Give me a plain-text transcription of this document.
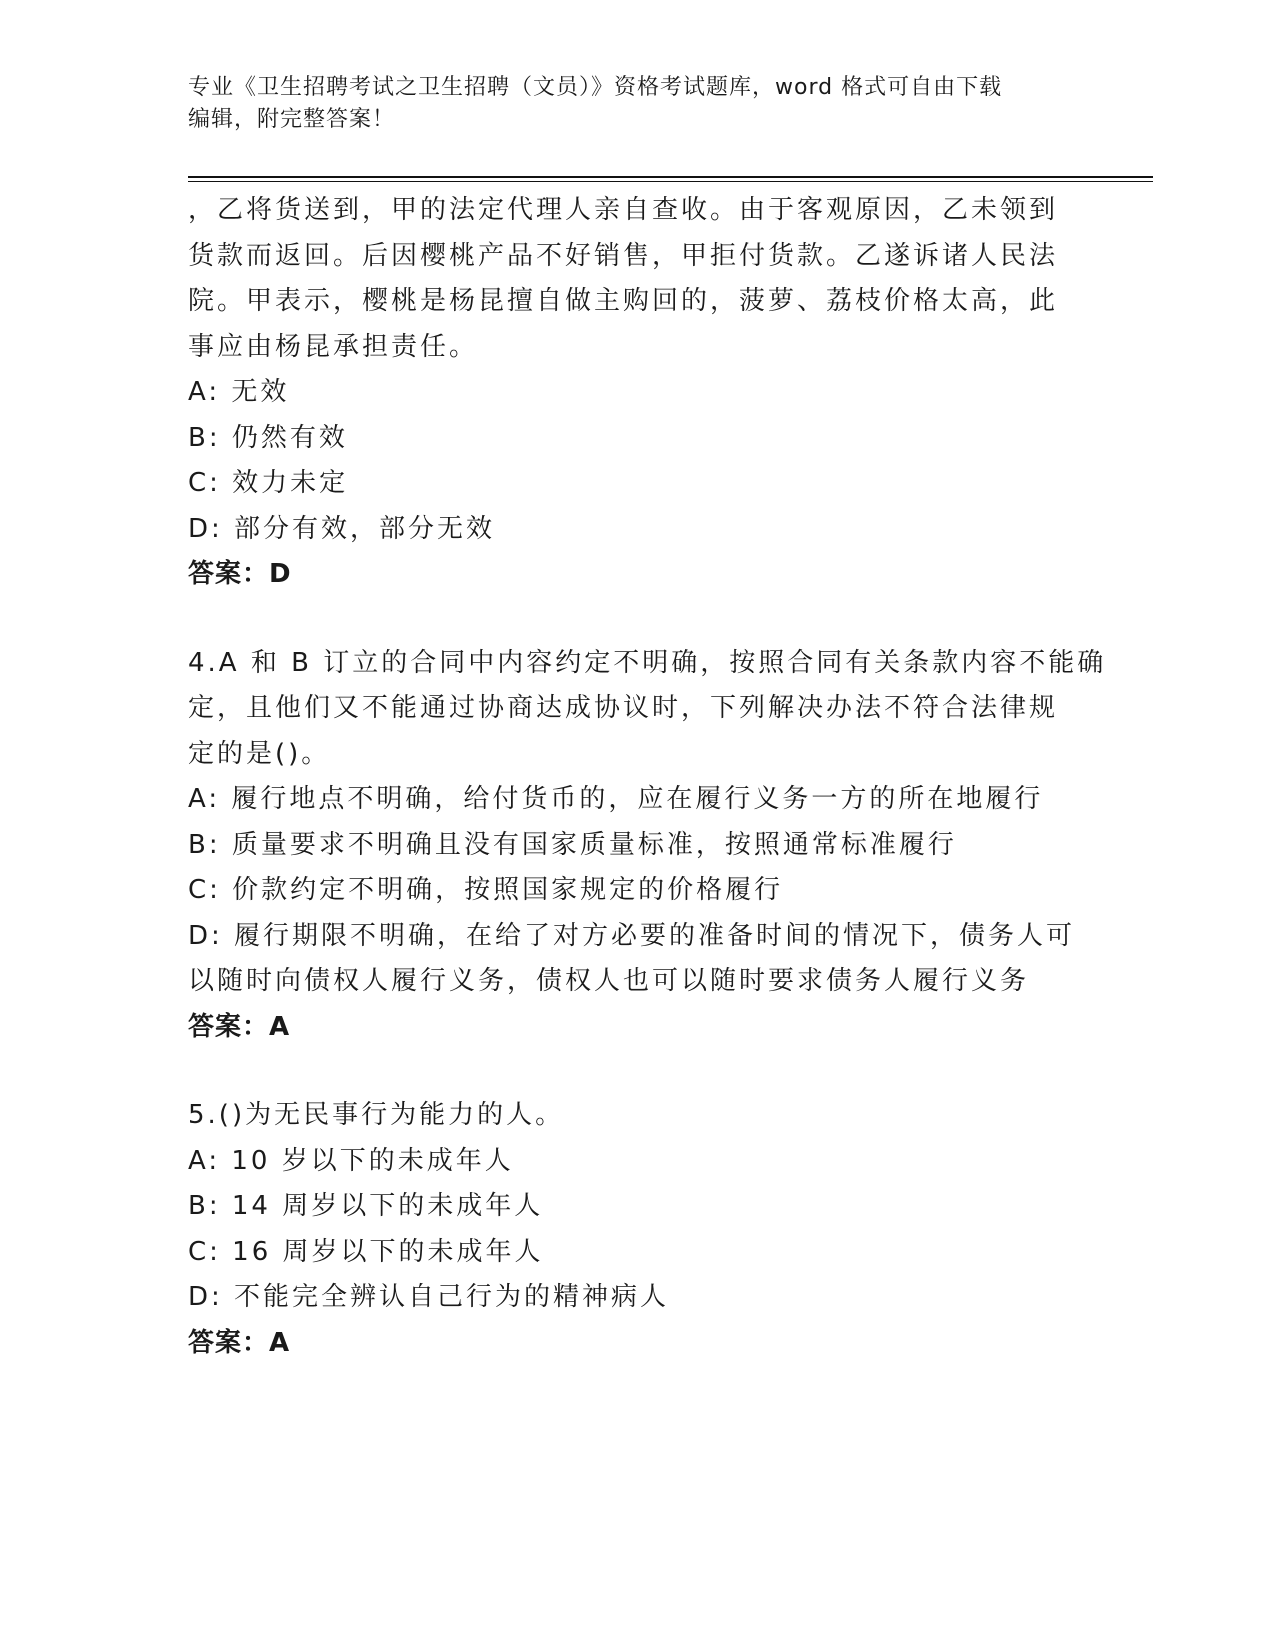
专业《卫生招聘考试之卫生招聘（文员）》资格考试题库，word 格式可自由下载
编辑，附完整答案！
，乙将货送到，甲的法定代理人亲自查收。由于客观原因，乙未领到
货款而返回。后因樱桃产品不好销售，甲拒付货款。乙遂诉诸人民法
院。甲表示，樱桃是杨昆擅自做主购回的，菠萝、荔枝价格太高，此
事应由杨昆承担责任。
A: 无效
B: 仍然有效
C: 效力未定
D: 部分有效，部分无效
答案：D
4.A 和 B 订立的合同中内容约定不明确，按照合同有关条款内容不能确
定，且他们又不能通过协商达成协议时，下列解决办法不符合法律规
定的是()。
A: 履行地点不明确，给付货币的，应在履行义务一方的所在地履行
B: 质量要求不明确且没有国家质量标准，按照通常标准履行
C: 价款约定不明确，按照国家规定的价格履行
D: 履行期限不明确，在给了对方必要的准备时间的情况下，债务人可
以随时向债权人履行义务，债权人也可以随时要求债务人履行义务
答案：A
5.()为无民事行为能力的人。
A: 10 岁以下的未成年人
B: 14 周岁以下的未成年人
C: 16 周岁以下的未成年人
D: 不能完全辨认自己行为的精神病人
答案：A
